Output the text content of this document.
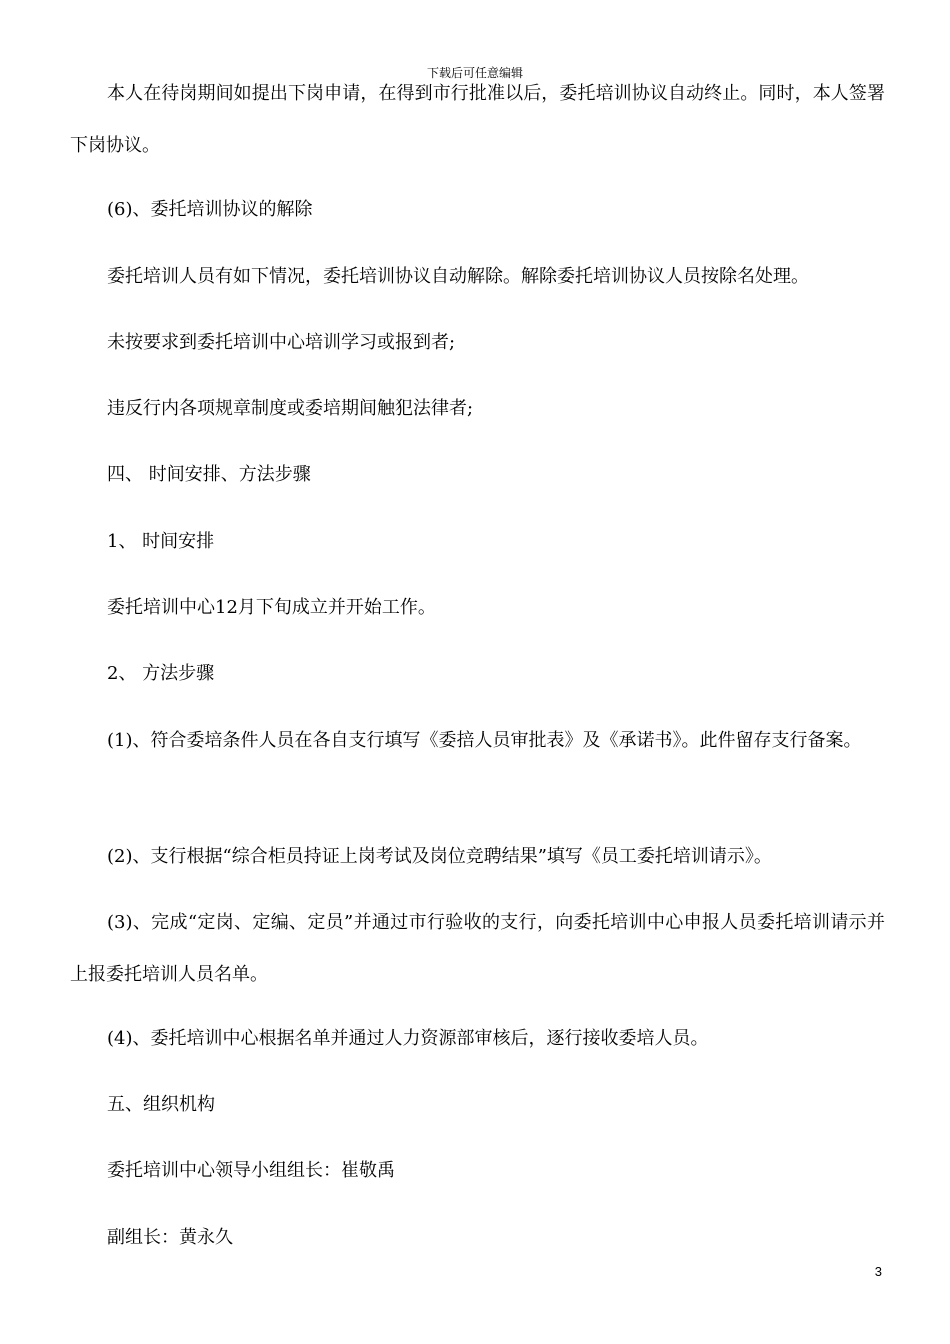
下载后可任意编辑

本人在待岗期间如提出下岗申请，在得到市行批准以后，委托培训协议自动终止。同时，本人签署下岗协议。

(6)、委托培训协议的解除

委托培训人员有如下情况，委托培训协议自动解除。解除委托培训协议人员按除名处理。

未按要求到委托培训中心培训学习或报到者;

违反行内各项规章制度或委培期间触犯法律者;

四、 时间安排、方法步骤

1、 时间安排

委托培训中心12月下旬成立并开始工作。

2、 方法步骤

(1)、符合委培条件人员在各自支行填写《委掊人员审批表》及《承诺书》。此件留存支行备案。

(2)、支行根据“综合柜员持证上岗考试及岗位竞聘结果”填写《员工委托培训请示》。

(3)、完成“定岗、定编、定员”并通过市行验收的支行，向委托培训中心申报人员委托培训请示并上报委托培训人员名单。

(4)、委托培训中心根据名单并通过人力资源部审核后，逐行接收委培人员。

五、组织机构

委托培训中心领导小组组长：崔敬禹

副组长：黄永久

3
